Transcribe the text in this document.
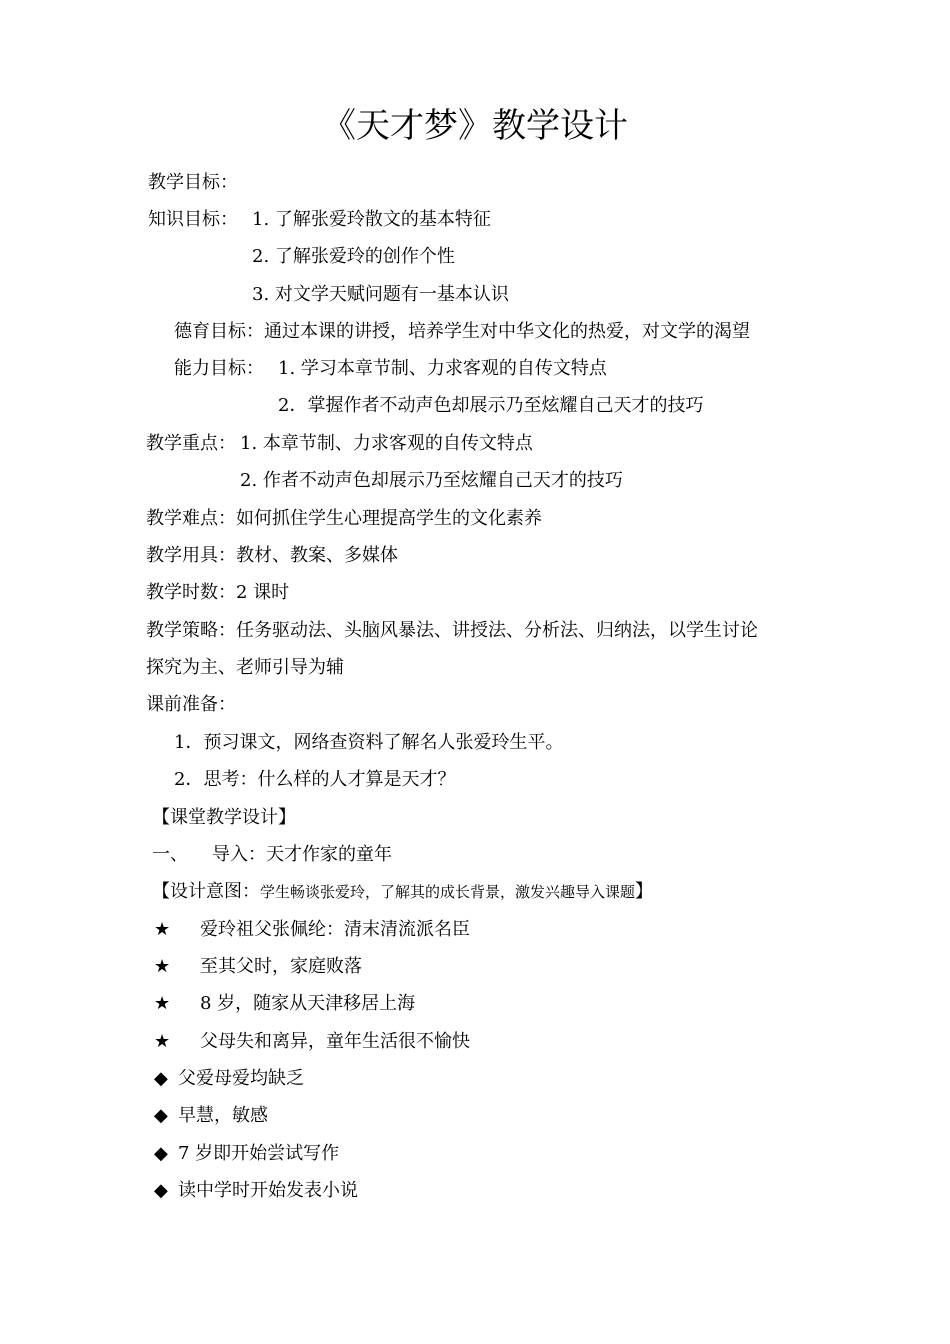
《天才梦》教学设计
教学目标：
知识目标： 1. 了解张爱玲散文的基本特征
2. 了解张爱玲的创作个性
3. 对文学天赋问题有一基本认识
德育目标：通过本课的讲授，培养学生对中华文化的热爱，对文学的渴望
能力目标： 1. 学习本章节制、力求客观的自传文特点
2．掌握作者不动声色却展示乃至炫耀自己天才的技巧
教学重点： 1. 本章节制、力求客观的自传文特点
2. 作者不动声色却展示乃至炫耀自己天才的技巧
教学难点：如何抓住学生心理提高学生的文化素养
教学用具：教材、教案、多媒体
教学时数：2 课时
教学策略：任务驱动法、头脑风暴法、讲授法、分析法、归纳法，以学生讨论
探究为主、老师引导为辅
课前准备：
1．预习课文，网络查资料了解名人张爱玲生平。
2．思考：什么样的人才算是天才？
【课堂教学设计】
一、 导入：天才作家的童年
【设计意图：学生畅谈张爱玲，了解其的成长背景，激发兴趣导入课题】
★ 爱玲祖父张佩纶：清末清流派名臣
★ 至其父时，家庭败落
★ 8 岁，随家从天津移居上海
★ 父母失和离异，童年生活很不愉快
◆ 父爱母爱均缺乏
◆ 早慧，敏感
◆ 7 岁即开始尝试写作
◆ 读中学时开始发表小说
